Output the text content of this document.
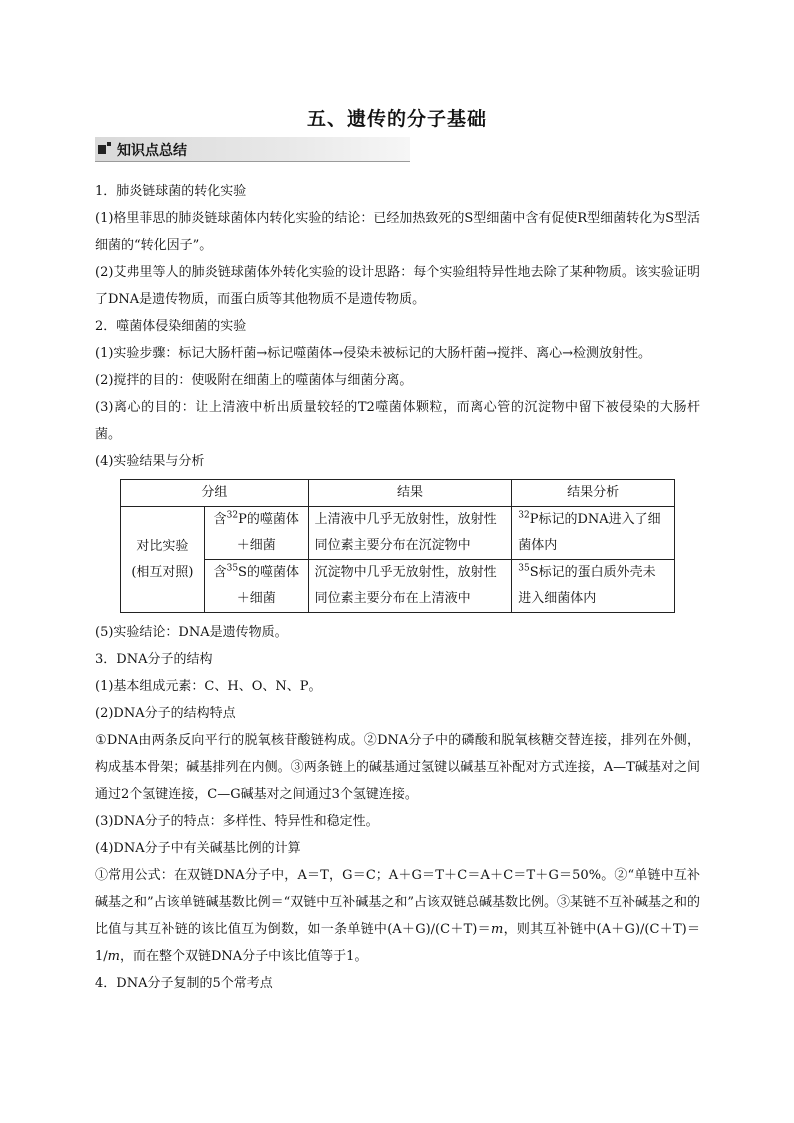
五、遗传的分子基础
知识点总结

1．肺炎链球菌的转化实验

(1)格里菲思的肺炎链球菌体内转化实验的结论：已经加热致死的S型细菌中含有促使R型细菌转化为S型活细菌的“转化因子”。

(2)艾弗里等人的肺炎链球菌体外转化实验的设计思路：每个实验组特异性地去除了某种物质。该实验证明了DNA是遗传物质，而蛋白质等其他物质不是遗传物质。

2．噬菌体侵染细菌的实验

(1)实验步骤：标记大肠杆菌→标记噬菌体→侵染未被标记的大肠杆菌→搅拌、离心→检测放射性。

(2)搅拌的目的：使吸附在细菌上的噬菌体与细菌分离。

(3)离心的目的：让上清液中析出质量较轻的T2噬菌体颗粒，而离心管的沉淀物中留下被侵染的大肠杆菌。

(4)实验结果与分析

分组		结果	结果分析
对比实验
(相互对照)	含$^{32}$P的噬菌体＋细菌	上清液中几乎无放射性，放射性同位素主要分布在沉淀物中	$^{32}$P标记的DNA进入了细菌体内
	含$^{35}$S的噬菌体＋细菌	沉淀物中几乎无放射性，放射性同位素主要分布在上清液中	$^{35}$S标记的蛋白质外壳未进入细菌体内

(5)实验结论：DNA是遗传物质。

3．DNA分子的结构

(1)基本组成元素：C、H、O、N、P。

(2)DNA分子的结构特点

①DNA由两条反向平行的脱氧核苷酸链构成。②DNA分子中的磷酸和脱氧核糖交替连接，排列在外侧，构成基本骨架；碱基排列在内侧。③两条链上的碱基通过氢键以碱基互补配对方式连接，A—T碱基对之间通过2个氢键连接，C—G碱基对之间通过3个氢键连接。

(3)DNA分子的特点：多样性、特异性和稳定性。

(4)DNA分子中有关碱基比例的计算

①常用公式：在双链DNA分子中，A＝T，G＝C；A＋G＝T＋C＝A＋C＝T＋G＝50%。②“单链中互补碱基之和”占该单链碱基数比例＝“双链中互补碱基之和”占该双链总碱基数比例。③某链不互补碱基之和的比值与其互补链的该比值互为倒数，如一条单链中(A＋G)/(C＋T)＝m，则其互补链中(A＋G)/(C＋T)＝1/m，而在整个双链DNA分子中该比值等于1。

4．DNA分子复制的5个常考点
